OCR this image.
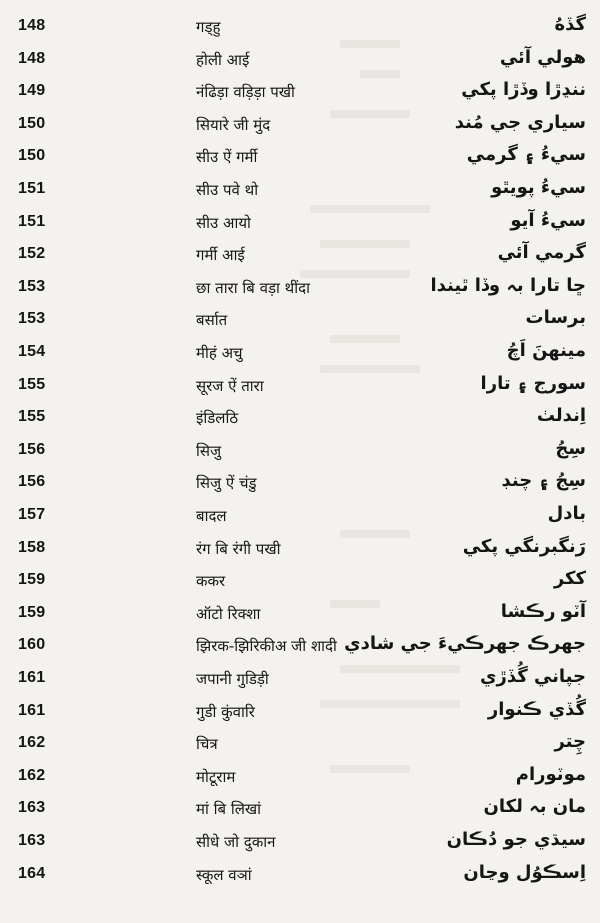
148	गड्हु	گڏهُ
148	होली आई	هولي آئي
149	नंढिड़ा वड़िड़ा पखी	ننڍڙا وڏڙا پکي
150	सियारे जी मुंद	سياري جي مُند
150	सीउ ऐं गर्मी	سيءُ ۽ گرمي
151	सीउ पवे थो	سيءُ پويٿو
151	सीउ आयो	سيءُ آيو
152	गर्मी आई	گرمي آئي
153	छा तारा बि वड़ा थींदा	ڇا تارا بہ وڏا ٿيندا
153	बर्सात	برسات
154	मीहं अचु	مينهنَ اَچُ
155	सूरज ऐं तारा	سورج ۽ تارا
155	इंडिलठि	اِندلٺ
156	सिजु	سِجُ
156	सिजु ऐं चंडु	سِجُ ۽ چنڊ
157	बादल	بادل
158	रंग बि रंगी पखी	رَنگبرنگي پکي
159	ककर	ککر
159	ऑटो रिक्शा	آٽو رڪشا
160	झिरक-झिरिकीअ जी शादी جهرڪ جهرڪيءَ جي شادي
161	जपानी गुडिड़ी	جپاني گُڏڙي
161	गुडी कुंवारि	گُڏي ڪنوار
162	चित्र	چِتر
162	मोटूराम	موٽورام
163	मां बि लिखां	مان بہ لکان
163	सीधे जो दुकान	سيڌي جو دُڪان
164	स्कूल वञां	اِسڪوُل وڃان
